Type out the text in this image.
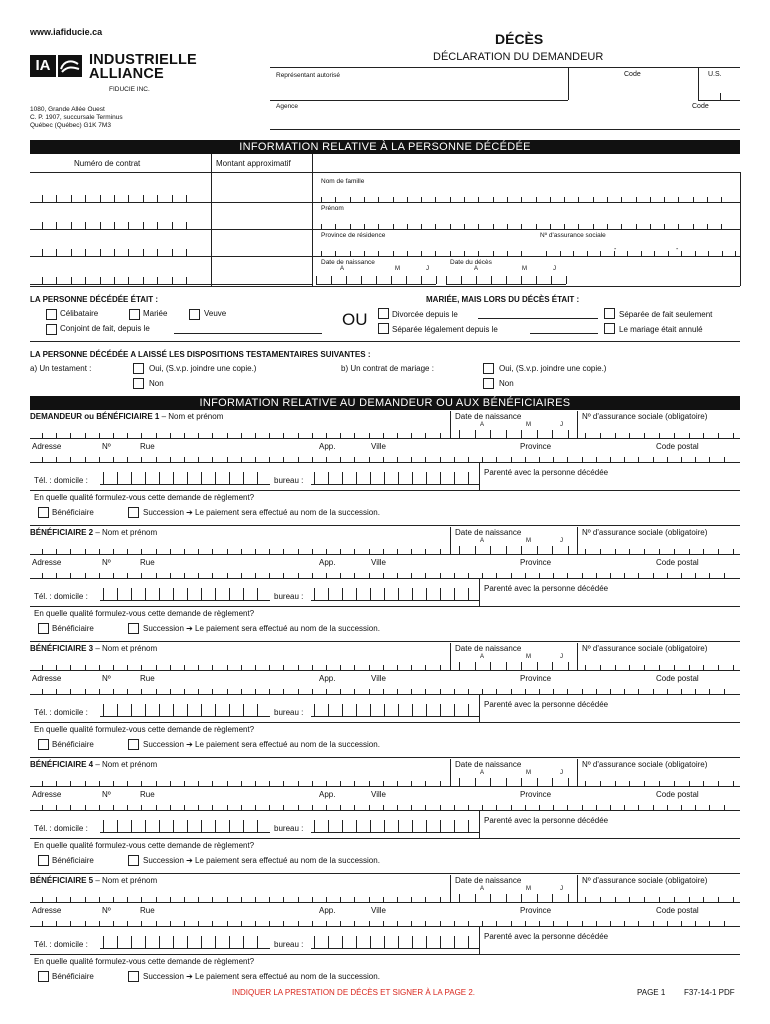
www.iafiducie.ca	DÉCÈS
DÉCLARATION DU DEMANDEUR
IA	INDUSTRIELLE
ALLIANCE
FIDUCIE INC.
1080, Grande Allée Ouest
C. P. 1907, succursale Terminus
Québec (Québec) G1K 7M3
Représentant autorisé	Code	U.S.
Agence	Code
INFORMATION RELATIVE À LA PERSONNE DÉCÉDÉE
Numéro de contrat	Montant approximatif
Nom de famille
Prénom
Province de résidence	Nº d'assurance sociale
Date de naissance	Date du décès
A	M	J	A	M	J
-	-
LA PERSONNE DÉCÉDÉE ÉTAIT :
Célibataire	Mariée	Veuve
Conjoint de fait, depuis le	OU
MARIÉE, MAIS LORS DU DÉCÈS ÉTAIT :
Divorcée depuis le
Séparée légalement depuis le
Séparée de fait seulement
Le mariage était annulé
LA PERSONNE DÉCÉDÉE A LAISSÉ LES DISPOSITIONS TESTAMENTAIRES SUIVANTES :
a) Un testament :	Oui, (S.v.p. joindre une copie.)
Non
b) Un contrat de mariage :	Oui, (S.v.p. joindre une copie.)
Non
INFORMATION RELATIVE AU DEMANDEUR OU AUX BÉNÉFICIAIRES
DEMANDEUR ou BÉNÉFICIAIRE 1 – Nom et prénom	Date de naissance	Nº d'assurance sociale (obligatoire)
A	M	J
Adresse	Nº	Rue	App.	Ville	Province	Code postal
Tél. : domicile :	bureau :
Parenté avec la personne décédée
En quelle qualité formulez-vous cette demande de règlement?
Bénéficiaire	Succession ➔ Le paiement sera effectué au nom de la succession.
BÉNÉFICIAIRE 2 – Nom et prénom	Date de naissance	Nº d'assurance sociale (obligatoire)
A	M	J
Adresse	Nº	Rue	App.	Ville	Province	Code postal
Tél. : domicile :	bureau :
Parenté avec la personne décédée
En quelle qualité formulez-vous cette demande de règlement?
Bénéficiaire	Succession ➔ Le paiement sera effectué au nom de la succession.
BÉNÉFICIAIRE 3 – Nom et prénom	Date de naissance	Nº d'assurance sociale (obligatoire)
A	M	J
Adresse	Nº	Rue	App.	Ville	Province	Code postal
Tél. : domicile :	bureau :
Parenté avec la personne décédée
En quelle qualité formulez-vous cette demande de règlement?
Bénéficiaire	Succession ➔ Le paiement sera effectué au nom de la succession.
BÉNÉFICIAIRE 4 – Nom et prénom	Date de naissance	Nº d'assurance sociale (obligatoire)
A	M	J
Adresse	Nº	Rue	App.	Ville	Province	Code postal
Tél. : domicile :	bureau :
Parenté avec la personne décédée
En quelle qualité formulez-vous cette demande de règlement?
Bénéficiaire	Succession ➔ Le paiement sera effectué au nom de la succession.
BÉNÉFICIAIRE 5 – Nom et prénom	Date de naissance	Nº d'assurance sociale (obligatoire)
A	M	J
Adresse	Nº	Rue	App.	Ville	Province	Code postal
Tél. : domicile :	bureau :
Parenté avec la personne décédée
En quelle qualité formulez-vous cette demande de règlement?
Bénéficiaire	Succession ➔ Le paiement sera effectué au nom de la succession.
INDIQUER LA PRESTATION DE DÉCÈS ET SIGNER À LA PAGE 2.	PAGE 1 F37-14-1 PDF
